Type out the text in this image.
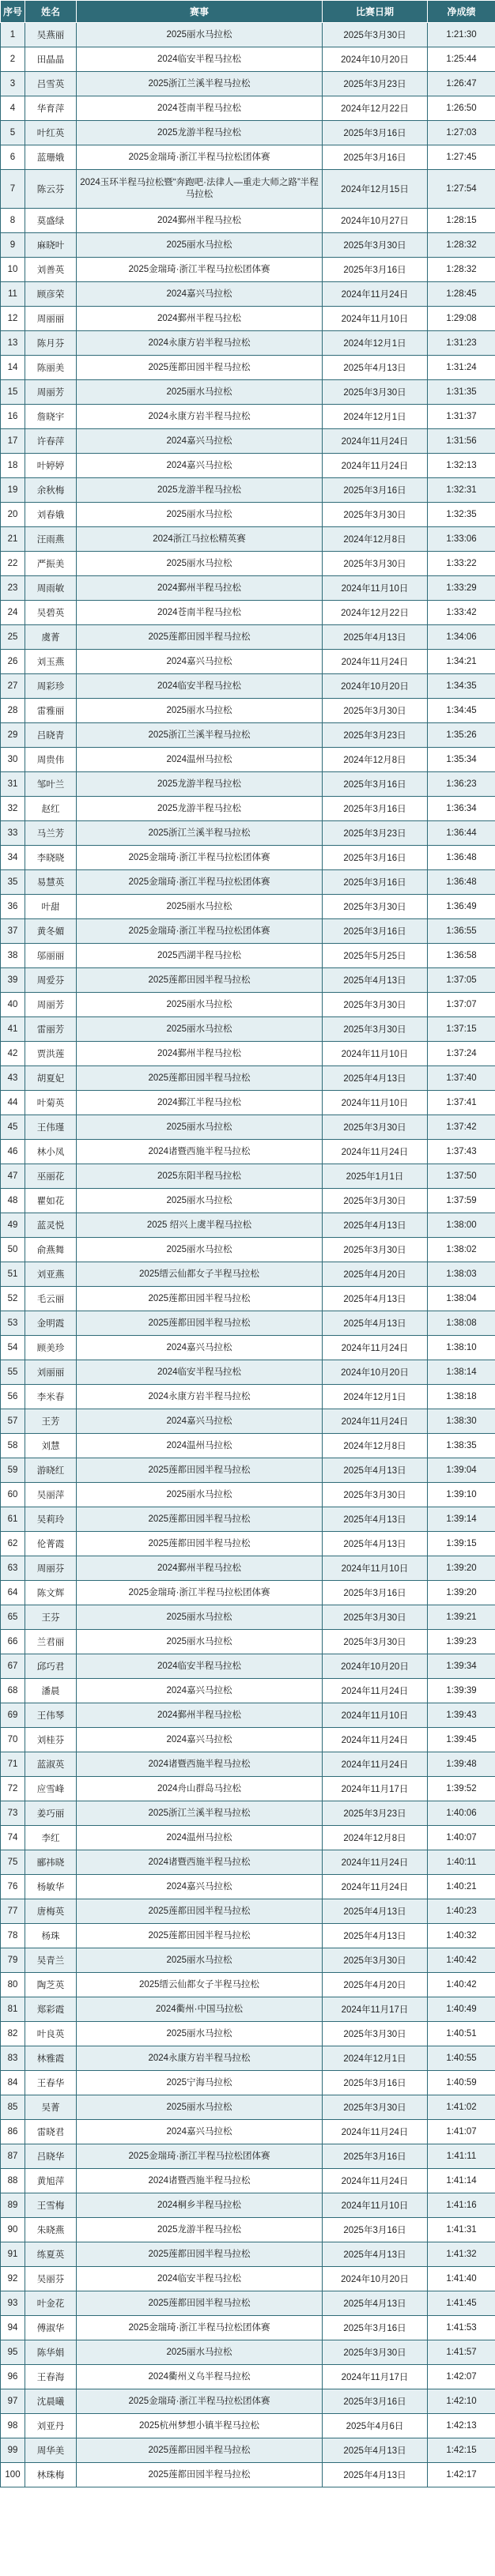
序号	姓名	赛事	比赛日期	净成绩
1	吴燕丽	2025丽水马拉松	2025年3月30日	1:21:30
2	田晶晶	2024临安半程马拉松	2024年10月20日	1:25:44
3	吕雪英	2025浙江兰溪半程马拉松	2025年3月23日	1:26:47
4	华育萍	2024苍南半程马拉松	2024年12月22日	1:26:50
5	叶红英	2025龙游半程马拉松	2025年3月16日	1:27:03
6	蓝珊娥	2025金瑞琦·浙江半程马拉松团体赛	2025年3月16日	1:27:45
7	陈云芬	2024玉环半程马拉松暨“奔跑吧·法律人—重走大师之路”半程马拉松	2024年12月15日	1:27:54
8	莫盛绿	2024鄞州半程马拉松	2024年10月27日	1:28:15
9	麻晓叶	2025丽水马拉松	2025年3月30日	1:28:32
10	刘善英	2025金瑞琦·浙江半程马拉松团体赛	2025年3月16日	1:28:32
11	顾彦荣	2024嘉兴马拉松	2024年11月24日	1:28:45
12	周丽丽	2024鄞州半程马拉松	2024年11月10日	1:29:08
13	陈月芬	2024永康方岩半程马拉松	2024年12月1日	1:31:23
14	陈丽美	2025莲都田园半程马拉松	2025年4月13日	1:31:24
15	周丽芳	2025丽水马拉松	2025年3月30日	1:31:35
16	詹晓宇	2024永康方岩半程马拉松	2024年12月1日	1:31:37
17	许春萍	2024嘉兴马拉松	2024年11月24日	1:31:56
18	叶婷婷	2024嘉兴马拉松	2024年11月24日	1:32:13
19	余秋梅	2025龙游半程马拉松	2025年3月16日	1:32:31
20	刘春娥	2025丽水马拉松	2025年3月30日	1:32:35
21	汪雨燕	2024浙江马拉松精英赛	2024年12月8日	1:33:06
22	严振美	2025丽水马拉松	2025年3月30日	1:33:22
23	周雨敏	2024鄞州半程马拉松	2024年11月10日	1:33:29
24	吴碧英	2024苍南半程马拉松	2024年12月22日	1:33:42
25	虞菁	2025莲都田园半程马拉松	2025年4月13日	1:34:06
26	刘玉燕	2024嘉兴马拉松	2024年11月24日	1:34:21
27	周彩珍	2024临安半程马拉松	2024年10月20日	1:34:35
28	雷雅丽	2025丽水马拉松	2025年3月30日	1:34:45
29	吕晓青	2025浙江兰溪半程马拉松	2025年3月23日	1:35:26
30	周贵伟	2024温州马拉松	2024年12月8日	1:35:34
31	邹叶兰	2025龙游半程马拉松	2025年3月16日	1:36:23
32	赵红	2025龙游半程马拉松	2025年3月16日	1:36:34
33	马兰芳	2025浙江兰溪半程马拉松	2025年3月23日	1:36:44
34	李晓晓	2025金瑞琦·浙江半程马拉松团体赛	2025年3月16日	1:36:48
35	易慧英	2025金瑞琦·浙江半程马拉松团体赛	2025年3月16日	1:36:48
36	叶甜	2025丽水马拉松	2025年3月30日	1:36:49
37	黄冬媚	2025金瑞琦·浙江半程马拉松团体赛	2025年3月16日	1:36:55
38	邬丽丽	2025西湖半程马拉松	2025年5月25日	1:36:58
39	周爱芬	2025莲都田园半程马拉松	2025年4月13日	1:37:05
40	周丽芳	2025丽水马拉松	2025年3月30日	1:37:07
41	雷丽芳	2025丽水马拉松	2025年3月30日	1:37:15
42	贾洪莲	2024鄞州半程马拉松	2024年11月10日	1:37:24
43	胡夏妃	2025莲都田园半程马拉松	2025年4月13日	1:37:40
44	叶菊英	2024鄞江半程马拉松	2024年11月10日	1:37:41
45	王伟瑾	2025丽水马拉松	2025年3月30日	1:37:42
46	林小凤	2024诸暨西施半程马拉松	2024年11月24日	1:37:43
47	巫丽花	2025东阳半程马拉松	2025年1月1日	1:37:50
48	瞿如花	2025丽水马拉松	2025年3月30日	1:37:59
49	蓝灵悦	2025 绍兴上虞半程马拉松	2025年4月13日	1:38:00
50	俞燕舞	2025丽水马拉松	2025年3月30日	1:38:02
51	刘亚燕	2025缙云仙都女子半程马拉松	2025年4月20日	1:38:03
52	毛云丽	2025莲都田园半程马拉松	2025年4月13日	1:38:04
53	金明霞	2025莲都田园半程马拉松	2025年4月13日	1:38:08
54	顾美珍	2024嘉兴马拉松	2024年11月24日	1:38:10
55	刘丽丽	2024临安半程马拉松	2024年10月20日	1:38:14
56	李米春	2024永康方岩半程马拉松	2024年12月1日	1:38:18
57	王芳	2024嘉兴马拉松	2024年11月24日	1:38:30
58	刘慧	2024温州马拉松	2024年12月8日	1:38:35
59	游晓红	2025莲都田园半程马拉松	2025年4月13日	1:39:04
60	吴丽萍	2025丽水马拉松	2025年3月30日	1:39:10
61	吴莉玲	2025莲都田园半程马拉松	2025年4月13日	1:39:14
62	伦菁霞	2025莲都田园半程马拉松	2025年4月13日	1:39:15
63	周丽芬	2024鄞州半程马拉松	2024年11月10日	1:39:20
64	陈文辉	2025金瑞琦·浙江半程马拉松团体赛	2025年3月16日	1:39:20
65	王芬	2025丽水马拉松	2025年3月30日	1:39:21
66	兰君丽	2025丽水马拉松	2025年3月30日	1:39:23
67	邱巧君	2024临安半程马拉松	2024年10月20日	1:39:34
68	潘晨	2024嘉兴马拉松	2024年11月24日	1:39:39
69	王伟琴	2024鄞州半程马拉松	2024年11月10日	1:39:43
70	刘桂芬	2024嘉兴马拉松	2024年11月24日	1:39:45
71	蓝淑英	2024诸暨西施半程马拉松	2024年11月24日	1:39:48
72	应雪峰	2024舟山群岛马拉松	2024年11月17日	1:39:52
73	姜巧丽	2025浙江兰溪半程马拉松	2025年3月23日	1:40:06
74	李红	2024温州马拉松	2024年12月8日	1:40:07
75	郦祎晓	2024诸暨西施半程马拉松	2024年11月24日	1:40:11
76	杨敏华	2024嘉兴马拉松	2024年11月24日	1:40:21
77	唐梅英	2025莲都田园半程马拉松	2025年4月13日	1:40:23
78	杨珠	2025莲都田园半程马拉松	2025年4月13日	1:40:32
79	吴青兰	2025丽水马拉松	2025年3月30日	1:40:42
80	陶芝英	2025缙云仙都女子半程马拉松	2025年4月20日	1:40:42
81	郑彩霞	2024衢州·中国马拉松	2024年11月17日	1:40:49
82	叶良英	2025丽水马拉松	2025年3月30日	1:40:51
83	林雅霞	2024永康方岩半程马拉松	2024年12月1日	1:40:55
84	王春华	2025宁海马拉松	2025年3月16日	1:40:59
85	吴菁	2025丽水马拉松	2025年3月30日	1:41:02
86	雷晓君	2024嘉兴马拉松	2024年11月24日	1:41:07
87	吕晓华	2025金瑞琦·浙江半程马拉松团体赛	2025年3月16日	1:41:11
88	黄旭萍	2024诸暨西施半程马拉松	2024年11月24日	1:41:14
89	王雪梅	2024桐乡半程马拉松	2024年11月10日	1:41:16
90	朱晓燕	2025龙游半程马拉松	2025年3月16日	1:41:31
91	练夏英	2025莲都田园半程马拉松	2025年4月13日	1:41:32
92	吴丽芬	2024临安半程马拉松	2024年10月20日	1:41:40
93	叶金花	2025莲都田园半程马拉松	2025年4月13日	1:41:45
94	傅淑华	2025金瑞琦·浙江半程马拉松团体赛	2025年3月16日	1:41:53
95	陈华娟	2025丽水马拉松	2025年3月30日	1:41:57
96	王春海	2024衢州义乌半程马拉松	2024年11月17日	1:42:07
97	沈晨曦	2025金瑞琦·浙江半程马拉松团体赛	2025年3月16日	1:42:10
98	刘亚丹	2025杭州梦想小镇半程马拉松	2025年4月6日	1:42:13
99	周华美	2025莲都田园半程马拉松	2025年4月13日	1:42:15
100	林珠梅	2025莲都田园半程马拉松	2025年4月13日	1:42:17
